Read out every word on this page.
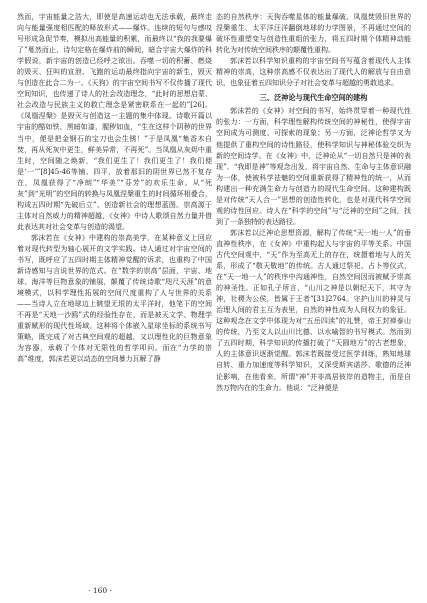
然而，宇宙能量之浩大，即使是高速运动也无法承载，最终走向与能量强度相匹配的释放形式——爆炸。连续的短句与感叹号形成急促节奏，模拟出高能量的积累，而最终以“我的我要爆了”戛然而止，诗句定格在爆炸前的瞬间，暗合宇宙大爆炸的科学假说，新宇宙的创造已经呼之欲出。吞噬一切的积蓄、燃烧的毁灭、狂叫的宣泄、飞跑的运动最终指向宇宙的新生，毁灭与创造在此合二为一。《天狗》的宇宙空间书写不仅传播了现代空间知识，也传递了诗人的社会改造理念，“此时的思想启蒙、社会改造与民族主义的救亡理念是紧密联系在一起的”[26]。《凤凰涅槃》是毁灭与创造这一主题的集中体现。诗歌开篇以宇宙的酷如铁、黑暗如漆，腥秽如血，“生在这样个阴秽的世界当中，便是把金钢石的宝刀也会生锈！”于是凤凰“集香木自焚，再从死灰中更生，鲜美异常，不再死”。当凤凰从灰烬中重生时，空间随之焕新，“我们更生了！我们更生了！我们便是‘一’”[8]45-46等铺、四平，放着那旧的阴世界已然不复存在，凤凰获得了“净朗”“华美”“芬芳”的欢乐生命。从“死灰”到“光明”的空间的转换与凤凰涅槃重生的时间循环相叠合，构成五四时期“先破后立”、创造新社会的理想蓝图。崇高源于主体对自然威力的精神超越，《女神》中诗人歌颂自然力量并借此表达其对社会变革与创造的渴望。

郭沫若在《女神》中建构的崇高美学，在某种意义上回应着对现代转型为轴心展开的文学实践。诗人通过对宇宙空间的书写，既呼应了五四时期主体精神觉醒的诉求，也重构了中国新诗感知与言说世界的范式。在“数学的崇高”层面，宇宙、地球、海洋等巨物意象的铺展，颠覆了传统诗歌“咫尺天涯”的意境模式，以科学理性拓展的空间尺度重构了人与世界的关系——当诗人立在地球边上眺望无垠的太平洋时，他笔下的空间不再是“天地一沙鸥”式的经验性存在，而是被天文学、物理学重新赋形的现代性场域。这种将个体嵌入星球坐标的系统书写策略，既完成了对古典空间观的超越，又以理性化的巨物意象为容器，承载了个体对无限性的哲学叩问。而在“力学的崇高”维度，郭沫若更以动态的空间暴力瓦解了静

态的自然秩序：天狗吞噬星体的能量爆破、凤凰焚毁旧世界的涅槃重生、太平洋汪洋翻倒地球的力学图景，不再通过空间的破坏性重塑变与创造性重组的张力，将五四时期个体精神动能转化为对传统空间秩序的颠覆性重构。

郭沫若以科学知识重构的宇宙空间书写蕴含着现代人主体精神的崇高，这种崇高感不仅表达出了现代人的解放与自由意识，也象征着五四知识分子对社会变革与超越的勇敢追求。

三、泛神论与现代生命空间的建构

郭沫若的《女神》对空间的书写，始终贯穿着一种现代性的张力：一方面，科学理性解构传统空间的神秘性，使得宇宙空间成为可测度、可探索的现象；另一方面，泛神论哲学又为他提供了重构空间的诗性路径，使科学知识与神秘体验交织为新的空间诗学。在《女神》中，泛神论从“一切自然只是神的表现”、“我即是神”等观念出发，将宇宙自然、生命与主体意识融为一体，使被科学祛魅的空间重新获得了精神性的统一，从而构建出一种充满生命力与创造力的现代生命空间。这种建构既是对传统“天人合一”思想的创造性转化，也是对现代科学空间观的诗性回应。诗人在“科学的空间”与“泛神的空间”之间，找到了一条独特的表达路径。

郭沫若以泛神论思想资源，解构了传统“天一地一人”的垂直神性秩序，在《女神》中重构起人与宇宙的平等关系。中国古代空间观中，“天”作为至高无上的存在，统摄着地与人的关系，形成了“敬天敬地”的传统。古人通过祭祀、占卜等仪式，在“天一地一人”的秩序中沟通神性，自然空间因而被赋予崇高的神圣性。正如孔子所言，“山川之神是以朝纪天下，其守为神，社稷为公侯，皆属于王者”[31]2764。守护山川的神灵与治理人间的君主互为表里，自然的神性成为人间权力的象征。这种观念在文学中体现为对“五岳四渎”的礼赞，帝王封禅泰山的传统，乃至文人以山川比德、以水喻智的书写模式。然而到了五四时期，科学知识的传播打破了“天圆地方”的古老想象，人的主体意识逐渐觉醒。郭沫若既接受过医学训练，熟知地球自转、重力加速度等科学知识，又深受斯宾诺莎、歌德的泛神论影响，在他看来，所谓“神”并非高居彼岸的造物主，而是自然万物内在的生命力。他说：“泛神便是

· 160 ·
